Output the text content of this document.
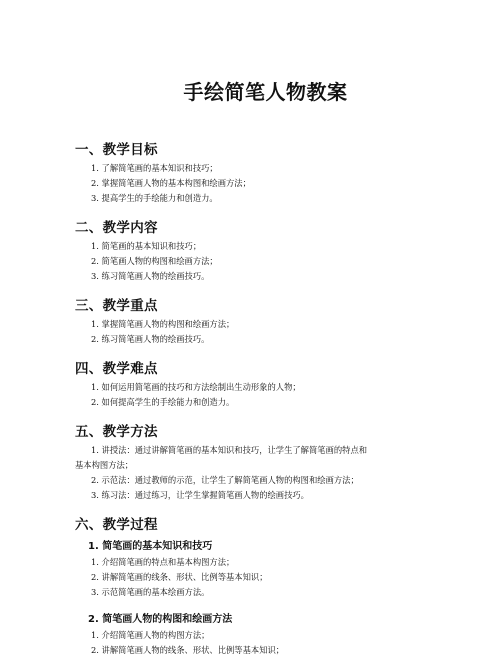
手绘简笔人物教案
一、教学目标

1. 了解简笔画的基本知识和技巧；

2. 掌握简笔画人物的基本构图和绘画方法；

3. 提高学生的手绘能力和创造力。

二、教学内容

1. 简笔画的基本知识和技巧；

2. 简笔画人物的构图和绘画方法；

3. 练习简笔画人物的绘画技巧。

三、教学重点

1. 掌握简笔画人物的构图和绘画方法；

2. 练习简笔画人物的绘画技巧。

四、教学难点

1. 如何运用简笔画的技巧和方法绘制出生动形象的人物；

2. 如何提高学生的手绘能力和创造力。

五、教学方法

1. 讲授法：通过讲解简笔画的基本知识和技巧，让学生了解简笔画的特点和

基本构图方法；

2. 示范法：通过教师的示范，让学生了解简笔画人物的构图和绘画方法；

3. 练习法：通过练习，让学生掌握简笔画人物的绘画技巧。

六、教学过程
1. 简笔画的基本知识和技巧

1. 介绍简笔画的特点和基本构图方法；

2. 讲解简笔画的线条、形状、比例等基本知识；

3. 示范简笔画的基本绘画方法。

2. 简笔画人物的构图和绘画方法

1. 介绍简笔画人物的构图方法；

2. 讲解简笔画人物的线条、形状、比例等基本知识；
